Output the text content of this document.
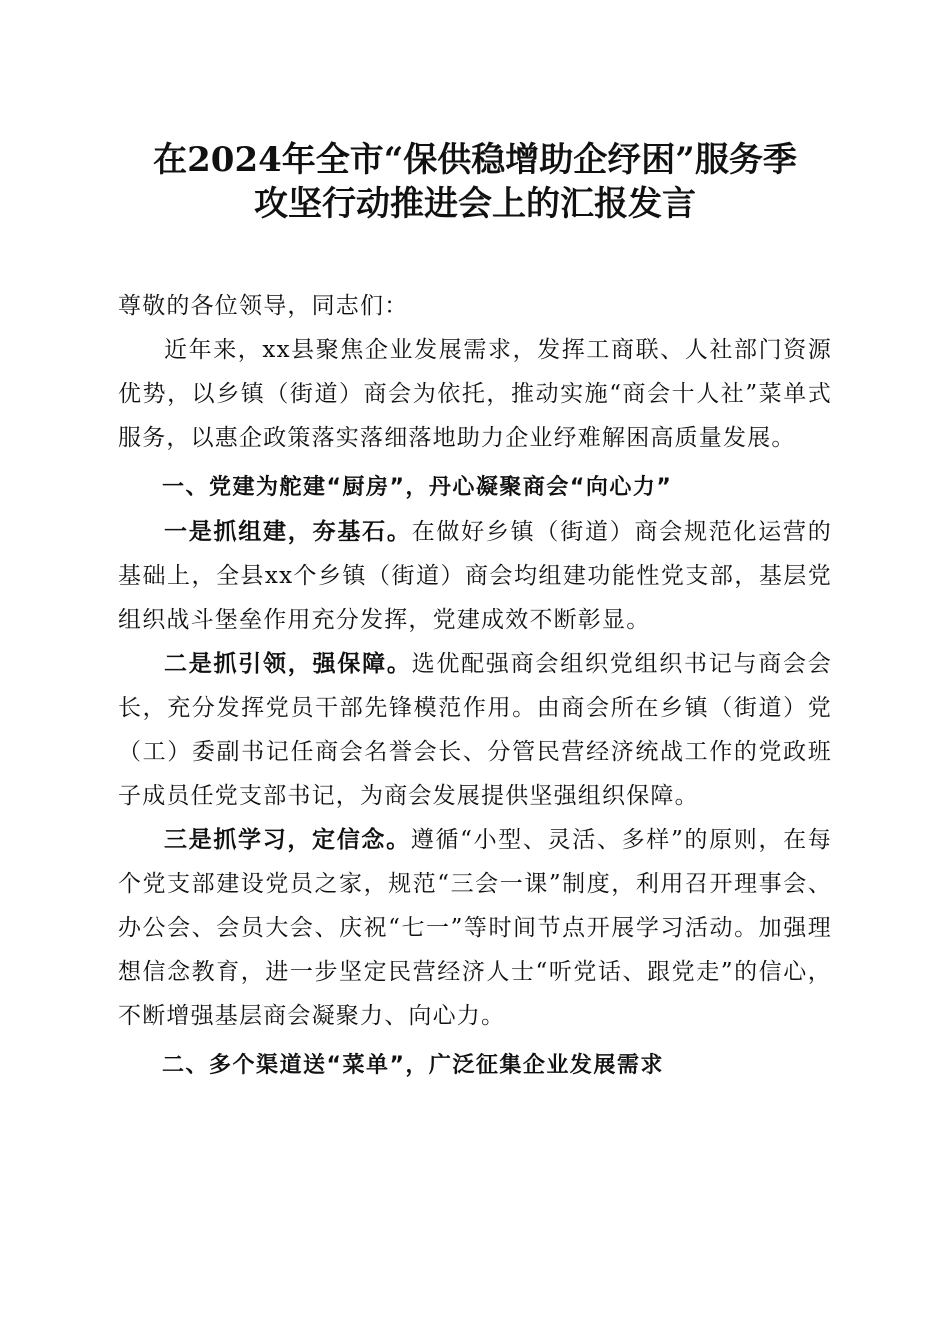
在2024年全市“保供稳增助企纾困”服务季
攻坚行动推进会上的汇报发言

尊敬的各位领导，同志们：

近年来，xx县聚焦企业发展需求，发挥工商联、人社部门资源优势，以乡镇（街道）商会为依托，推动实施“商会十人社”菜单式服务，以惠企政策落实落细落地助力企业纾难解困高质量发展。

一、党建为舵建“厨房”，丹心凝聚商会“向心力”

一是抓组建，夯基石。在做好乡镇（街道）商会规范化运营的基础上，全县xx个乡镇（街道）商会均组建功能性党支部，基层党组织战斗堡垒作用充分发挥，党建成效不断彰显。

二是抓引领，强保障。选优配强商会组织党组织书记与商会会长，充分发挥党员干部先锋模范作用。由商会所在乡镇（街道）党（工）委副书记任商会名誉会长、分管民营经济统战工作的党政班子成员任党支部书记，为商会发展提供坚强组织保障。

三是抓学习，定信念。遵循“小型、灵活、多样”的原则，在每个党支部建设党员之家，规范“三会一课”制度，利用召开理事会、办公会、会员大会、庆祝“七一”等时间节点开展学习活动。加强理想信念教育，进一步坚定民营经济人士“听党话、跟党走”的信心，不断增强基层商会凝聚力、向心力。

二、多个渠道送“菜单”，广泛征集企业发展需求
